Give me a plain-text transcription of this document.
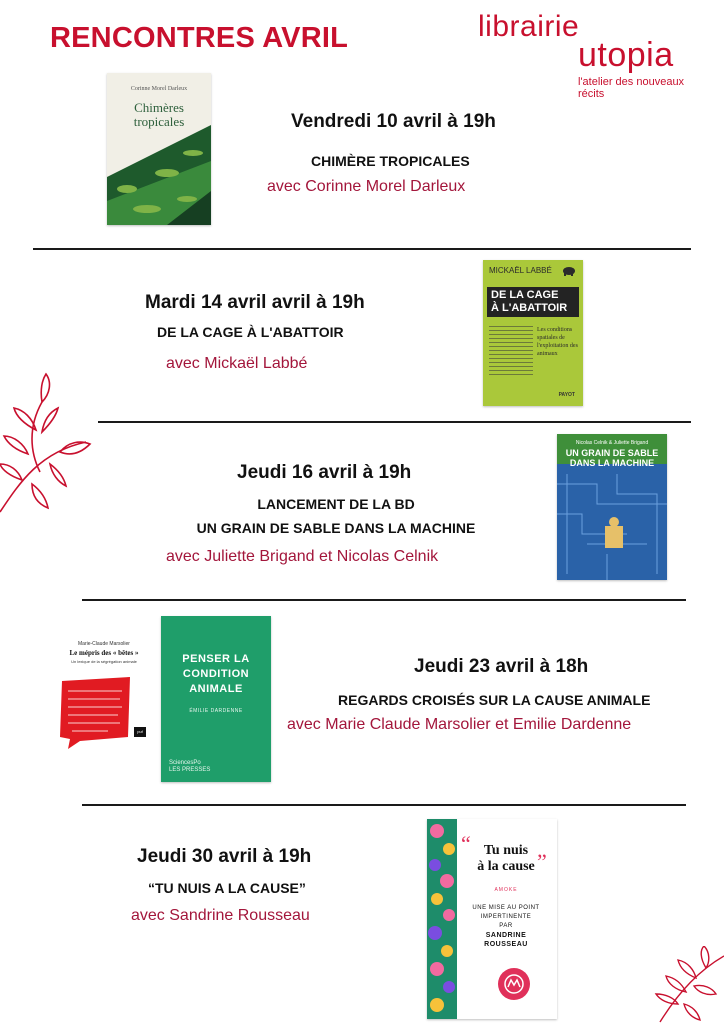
RENCONTRES AVRIL	librairie
utopia
l'atelier des nouveaux récits
Corinne Morel Darleux
Chimères
tropicales	Vendredi 10 avril à 19h
CHIMÈRE TROPICALES
avec Corinne Morel Darleux
Mardi 14 avril avril à 19h
DE LA CAGE À L'ABATTOIR
avec Mickaël Labbé
MICKAËL LABBÉ
DE LA CAGE
À L'ABATTOIR
Les conditions spatiales de l'exploitation des animaux
PAYOT
Jeudi 16 avril à 19h
LANCEMENT DE LA BD
UN GRAIN DE SABLE DANS LA MACHINE
avec Juliette Brigand et Nicolas Celnik
Nicolas Celnik & Juliette Brigand
UN GRAIN DE SABLE
DANS LA MACHINE
Marie-Claude Marsolier
Le mépris des « bêtes »
Un lexique de la ségrégation animale
puf
PENSER LA
CONDITION
ANIMALE
ÉMILIE DARDENNE
SciencesPo
LES PRESSES
Jeudi 23 avril à 18h
REGARDS CROISÉS SUR LA CAUSE ANIMALE
avec Marie Claude Marsolier et Emilie Dardenne
Jeudi 30 avril à 19h
“TU NUIS A LA CAUSE”
avec Sandrine Rousseau
“
”
Tu nuis
à la cause
AMOKE
UNE MISE AU POINT
IMPERTINENTE
PAR
SANDRINE
ROUSSEAU
